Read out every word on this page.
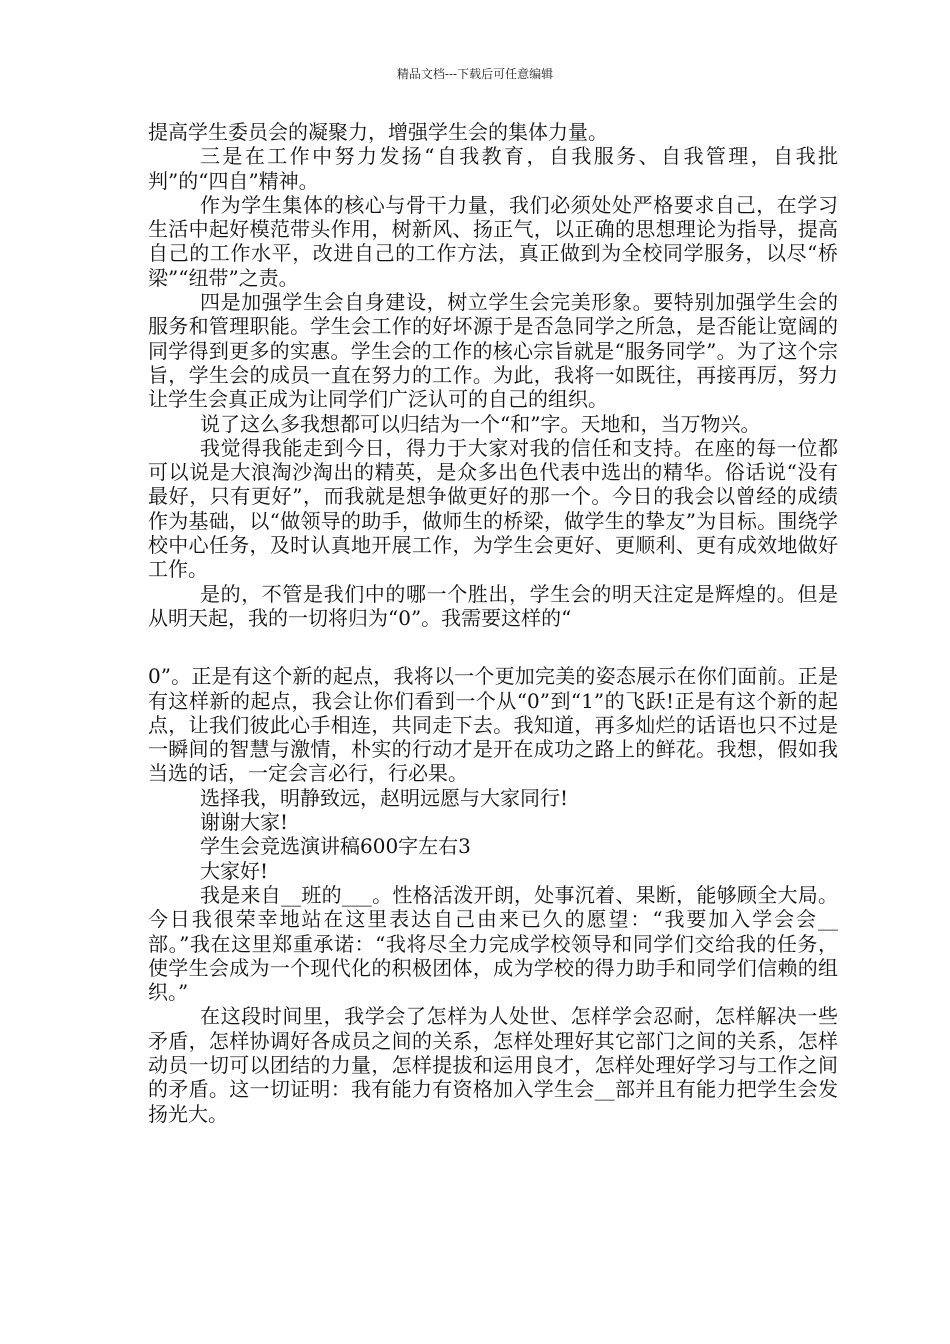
精品文档---下载后可任意编辑

提高学生委员会的凝聚力，增强学生会的集体力量。

三是在工作中努力发扬“自我教育，自我服务、自我管理，自我批判”的“四自”精神。

作为学生集体的核心与骨干力量，我们必须处处严格要求自己，在学习生活中起好模范带头作用，树新风、扬正气，以正确的思想理论为指导，提高自己的工作水平，改进自己的工作方法，真正做到为全校同学服务，以尽“桥梁”“纽带”之责。

四是加强学生会自身建设，树立学生会完美形象。要特别加强学生会的服务和管理职能。学生会工作的好坏源于是否急同学之所急，是否能让宽阔的同学得到更多的实惠。学生会的工作的核心宗旨就是“服务同学”。为了这个宗旨，学生会的成员一直在努力的工作。为此，我将一如既往，再接再厉，努力让学生会真正成为让同学们广泛认可的自己的组织。

说了这么多我想都可以归结为一个“和”字。天地和，当万物兴。

我觉得我能走到今日，得力于大家对我的信任和支持。在座的每一位都可以说是大浪淘沙淘出的精英，是众多出色代表中选出的精华。俗话说“没有最好，只有更好”，而我就是想争做更好的那一个。今日的我会以曾经的成绩作为基础，以“做领导的助手，做师生的桥梁，做学生的挚友”为目标。围绕学校中心任务，及时认真地开展工作，为学生会更好、更顺利、更有成效地做好工作。

是的，不管是我们中的哪一个胜出，学生会的明天注定是辉煌的。但是从明天起，我的一切将归为“0”。我需要这样的“

0”。正是有这个新的起点，我将以一个更加完美的姿态展示在你们面前。正是有这样新的起点，我会让你们看到一个从“0”到“1”的飞跃!正是有这个新的起点，让我们彼此心手相连，共同走下去。我知道，再多灿烂的话语也只不过是一瞬间的智慧与激情，朴实的行动才是开在成功之路上的鲜花。我想，假如我当选的话，一定会言必行，行必果。

选择我，明静致远，赵明远愿与大家同行!

谢谢大家!

学生会竞选演讲稿600字左右3

大家好!

我是来自__班的___。性格活泼开朗，处事沉着、果断，能够顾全大局。今日我很荣幸地站在这里表达自己由来已久的愿望：“我要加入学会会__部。”我在这里郑重承诺：“我将尽全力完成学校领导和同学们交给我的任务，使学生会成为一个现代化的积极团体，成为学校的得力助手和同学们信赖的组织。”

在这段时间里，我学会了怎样为人处世、怎样学会忍耐，怎样解决一些矛盾，怎样协调好各成员之间的关系，怎样处理好其它部门之间的关系，怎样动员一切可以团结的力量，怎样提拔和运用良才，怎样处理好学习与工作之间的矛盾。这一切证明：我有能力有资格加入学生会__部并且有能力把学生会发扬光大。
